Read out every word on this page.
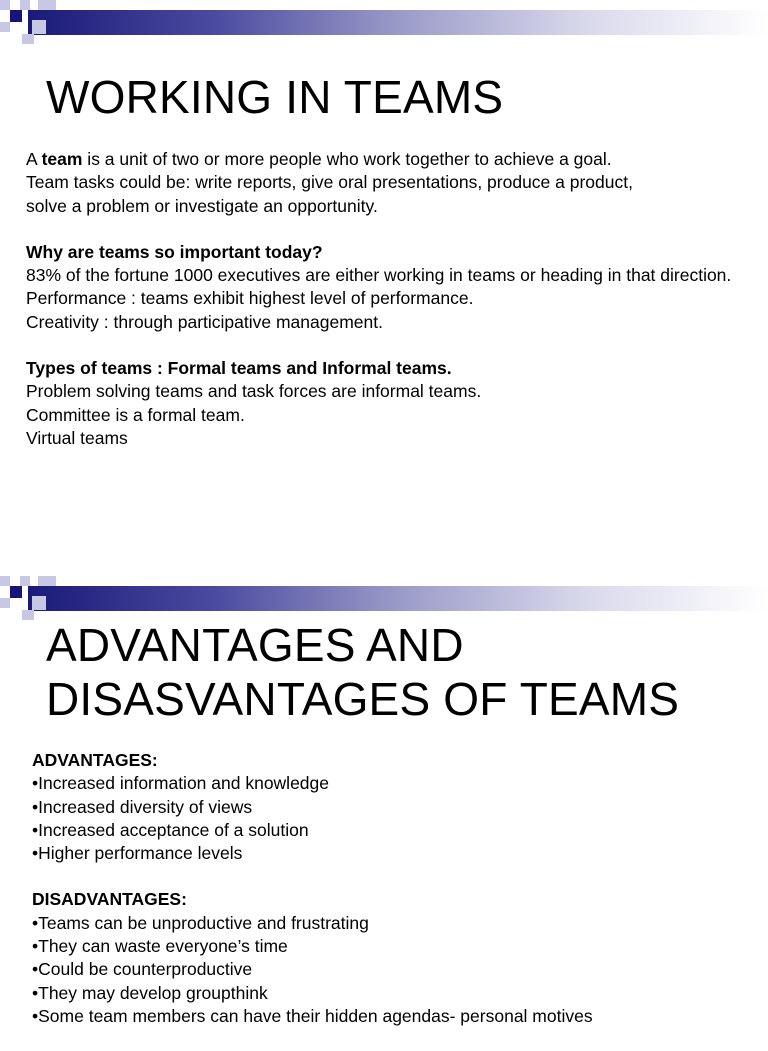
WORKING IN TEAMS
A team is a unit of two or more people who work together to achieve a goal.
Team tasks could be: write reports, give oral presentations, produce a product,
solve a problem or investigate an opportunity.
Why are teams so important today?
83% of the fortune 1000 executives are either working in teams or heading in that direction.
Performance : teams exhibit highest level of performance.
Creativity : through participative management.
Types of teams : Formal teams and Informal teams.
Problem solving teams and task forces are informal teams.
Committee is a formal team.
Virtual teams
ADVANTAGES AND
DISASVANTAGES OF TEAMS
ADVANTAGES:
•Increased information and knowledge
•Increased diversity of views
•Increased acceptance of a solution
•Higher performance levels
DISADVANTAGES:
•Teams can be unproductive and frustrating
•They can waste everyone’s time
•Could be counterproductive
•They may develop groupthink
•Some team members can have their hidden agendas- personal motives
